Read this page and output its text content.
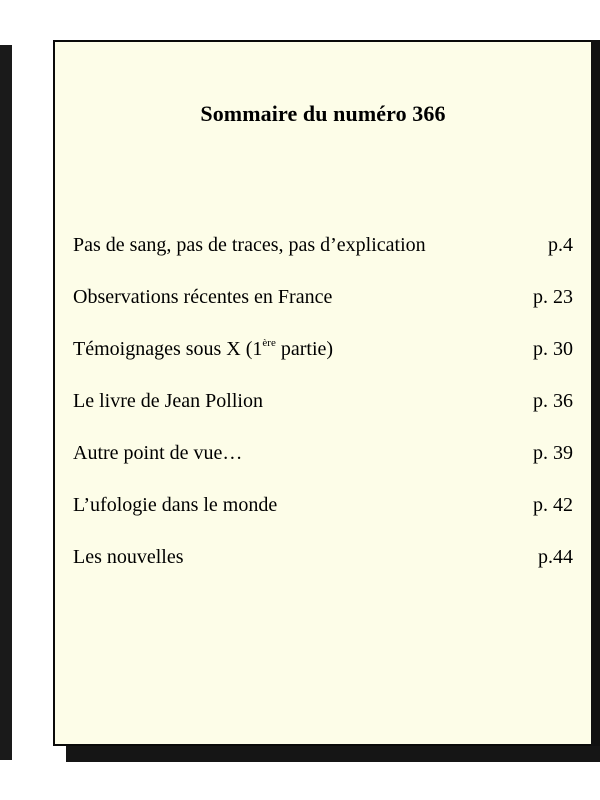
Sommaire du numéro 366
Pas de sang, pas de traces, pas d’explication	p.4
Observations récentes en France	p. 23
Témoignages sous X (1ère partie)	p. 30
Le livre de Jean Pollion	p. 36
Autre point de vue…	p. 39
L’ufologie dans le monde	p. 42
Les nouvelles	p.44
